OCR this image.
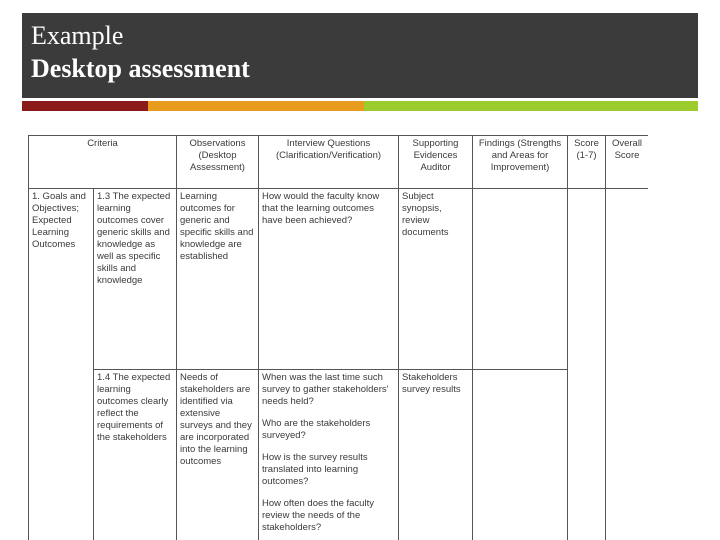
Example
Desktop assessment
Criteria		Observations (Desktop Assessment)	Interview Questions (Clarification/Verification)	Supporting Evidences Auditor	Findings (Strengths and Areas for Improvement)	Score (1-7)	Overall Score
1. Goals and Objectives; Expected Learning Outcomes	1.3 The expected learning outcomes cover generic skills and knowledge as well as specific skills and knowledge	Learning outcomes for generic and specific skills and knowledge are established	How would the faculty know that the learning outcomes have been achieved?	Subject synopsis, review documents			
	1.4 The expected learning outcomes clearly reflect the requirements of the stakeholders	Needs of stakeholders are identified via extensive surveys and they are incorporated into the learning outcomes	When was the last time such survey to gather stakeholders' needs held?
Who are the stakeholders surveyed?
How is the survey results translated into learning outcomes?
How often does the faculty review the needs of the stakeholders?	Stakeholders survey results			
